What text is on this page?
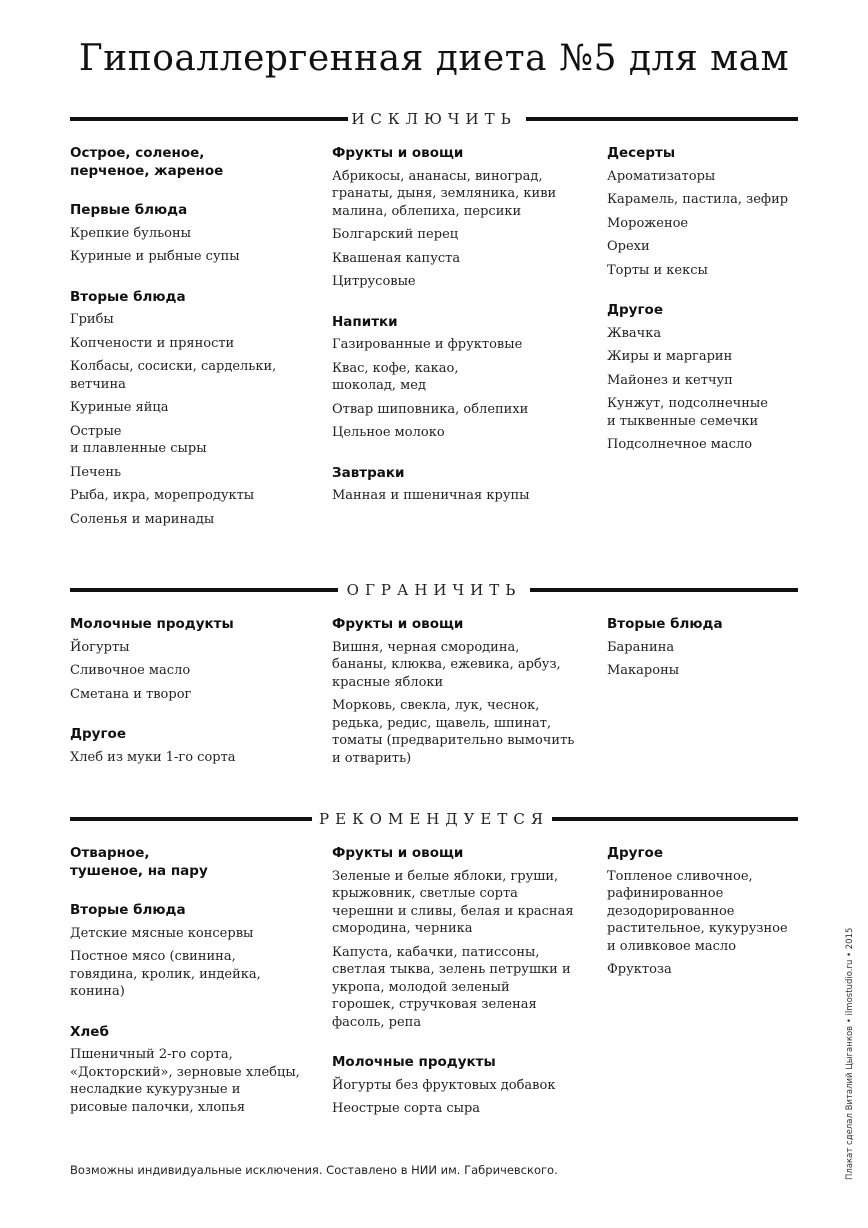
Гипоаллергенная диета №5 для мам
ИСКЛЮЧИТЬ
Острое, соленое,
перченое, жареное
Первые блюда
Крепкие бульоны
Куриные и рыбные супы
Вторые блюда
Грибы
Копчености и пряности
Колбасы, сосиски, сардельки,
ветчина
Куриные яйца
Острые
и плавленные сыры
Печень
Рыба, икра, морепродукты
Соленья и маринады
Фрукты и овощи
Абрикосы, ананасы, виноград,
гранаты, дыня, земляника, киви
малина, облепиха, персики
Болгарский перец
Квашеная капуста
Цитрусовые
Напитки
Газированные и фруктовые
Квас, кофе, какао,
шоколад, мед
Отвар шиповника, облепихи
Цельное молоко
Завтраки
Манная и пшеничная крупы
Десерты
Ароматизаторы
Карамель, пастила, зефир
Мороженое
Орехи
Торты и кексы
Другое
Жвачка
Жиры и маргарин
Майонез и кетчуп
Кунжут, подсолнечные
и тыквенные семечки
Подсолнечное масло
ОГРАНИЧИТЬ
Молочные продукты
Йогурты
Сливочное масло
Сметана и творог
Другое
Хлеб из муки 1-го сорта
Фрукты и овощи
Вишня, черная смородина,
бананы, клюква, ежевика, арбуз,
красные яблоки
Морковь, свекла, лук, чеснок,
редька, редис, щавель, шпинат,
томаты (предварительно вымочить
и отварить)
Вторые блюда
Баранина
Макароны
РЕКОМЕНДУЕТСЯ
Отварное,
тушеное, на пару
Вторые блюда
Детские мясные консервы
Постное мясо (свинина,
говядина, кролик, индейка,
конина)
Хлеб
Пшеничный 2-го сорта,
«Докторский», зерновые хлебцы,
несладкие кукурузные и
рисовые палочки, хлопья
Фрукты и овощи
Зеленые и белые яблоки, груши,
крыжовник, светлые сорта
черешни и сливы, белая и красная
смородина, черника
Капуста, кабачки, патиссоны,
светлая тыква, зелень петрушки и
укропа, молодой зеленый
горошек, стручковая зеленая
фасоль, репа
Молочные продукты
Йогурты без фруктовых добавок
Неострые сорта сыра
Другое
Топленое сливочное,
рафинированное
дезодорированное
растительное, кукурузное
и оливковое масло
Фруктоза
Возможны индивидуальные исключения. Составлено в НИИ им. Габричевского.	Плакат сделал Виталий Цыганков • ilmostudio.ru • 2015
